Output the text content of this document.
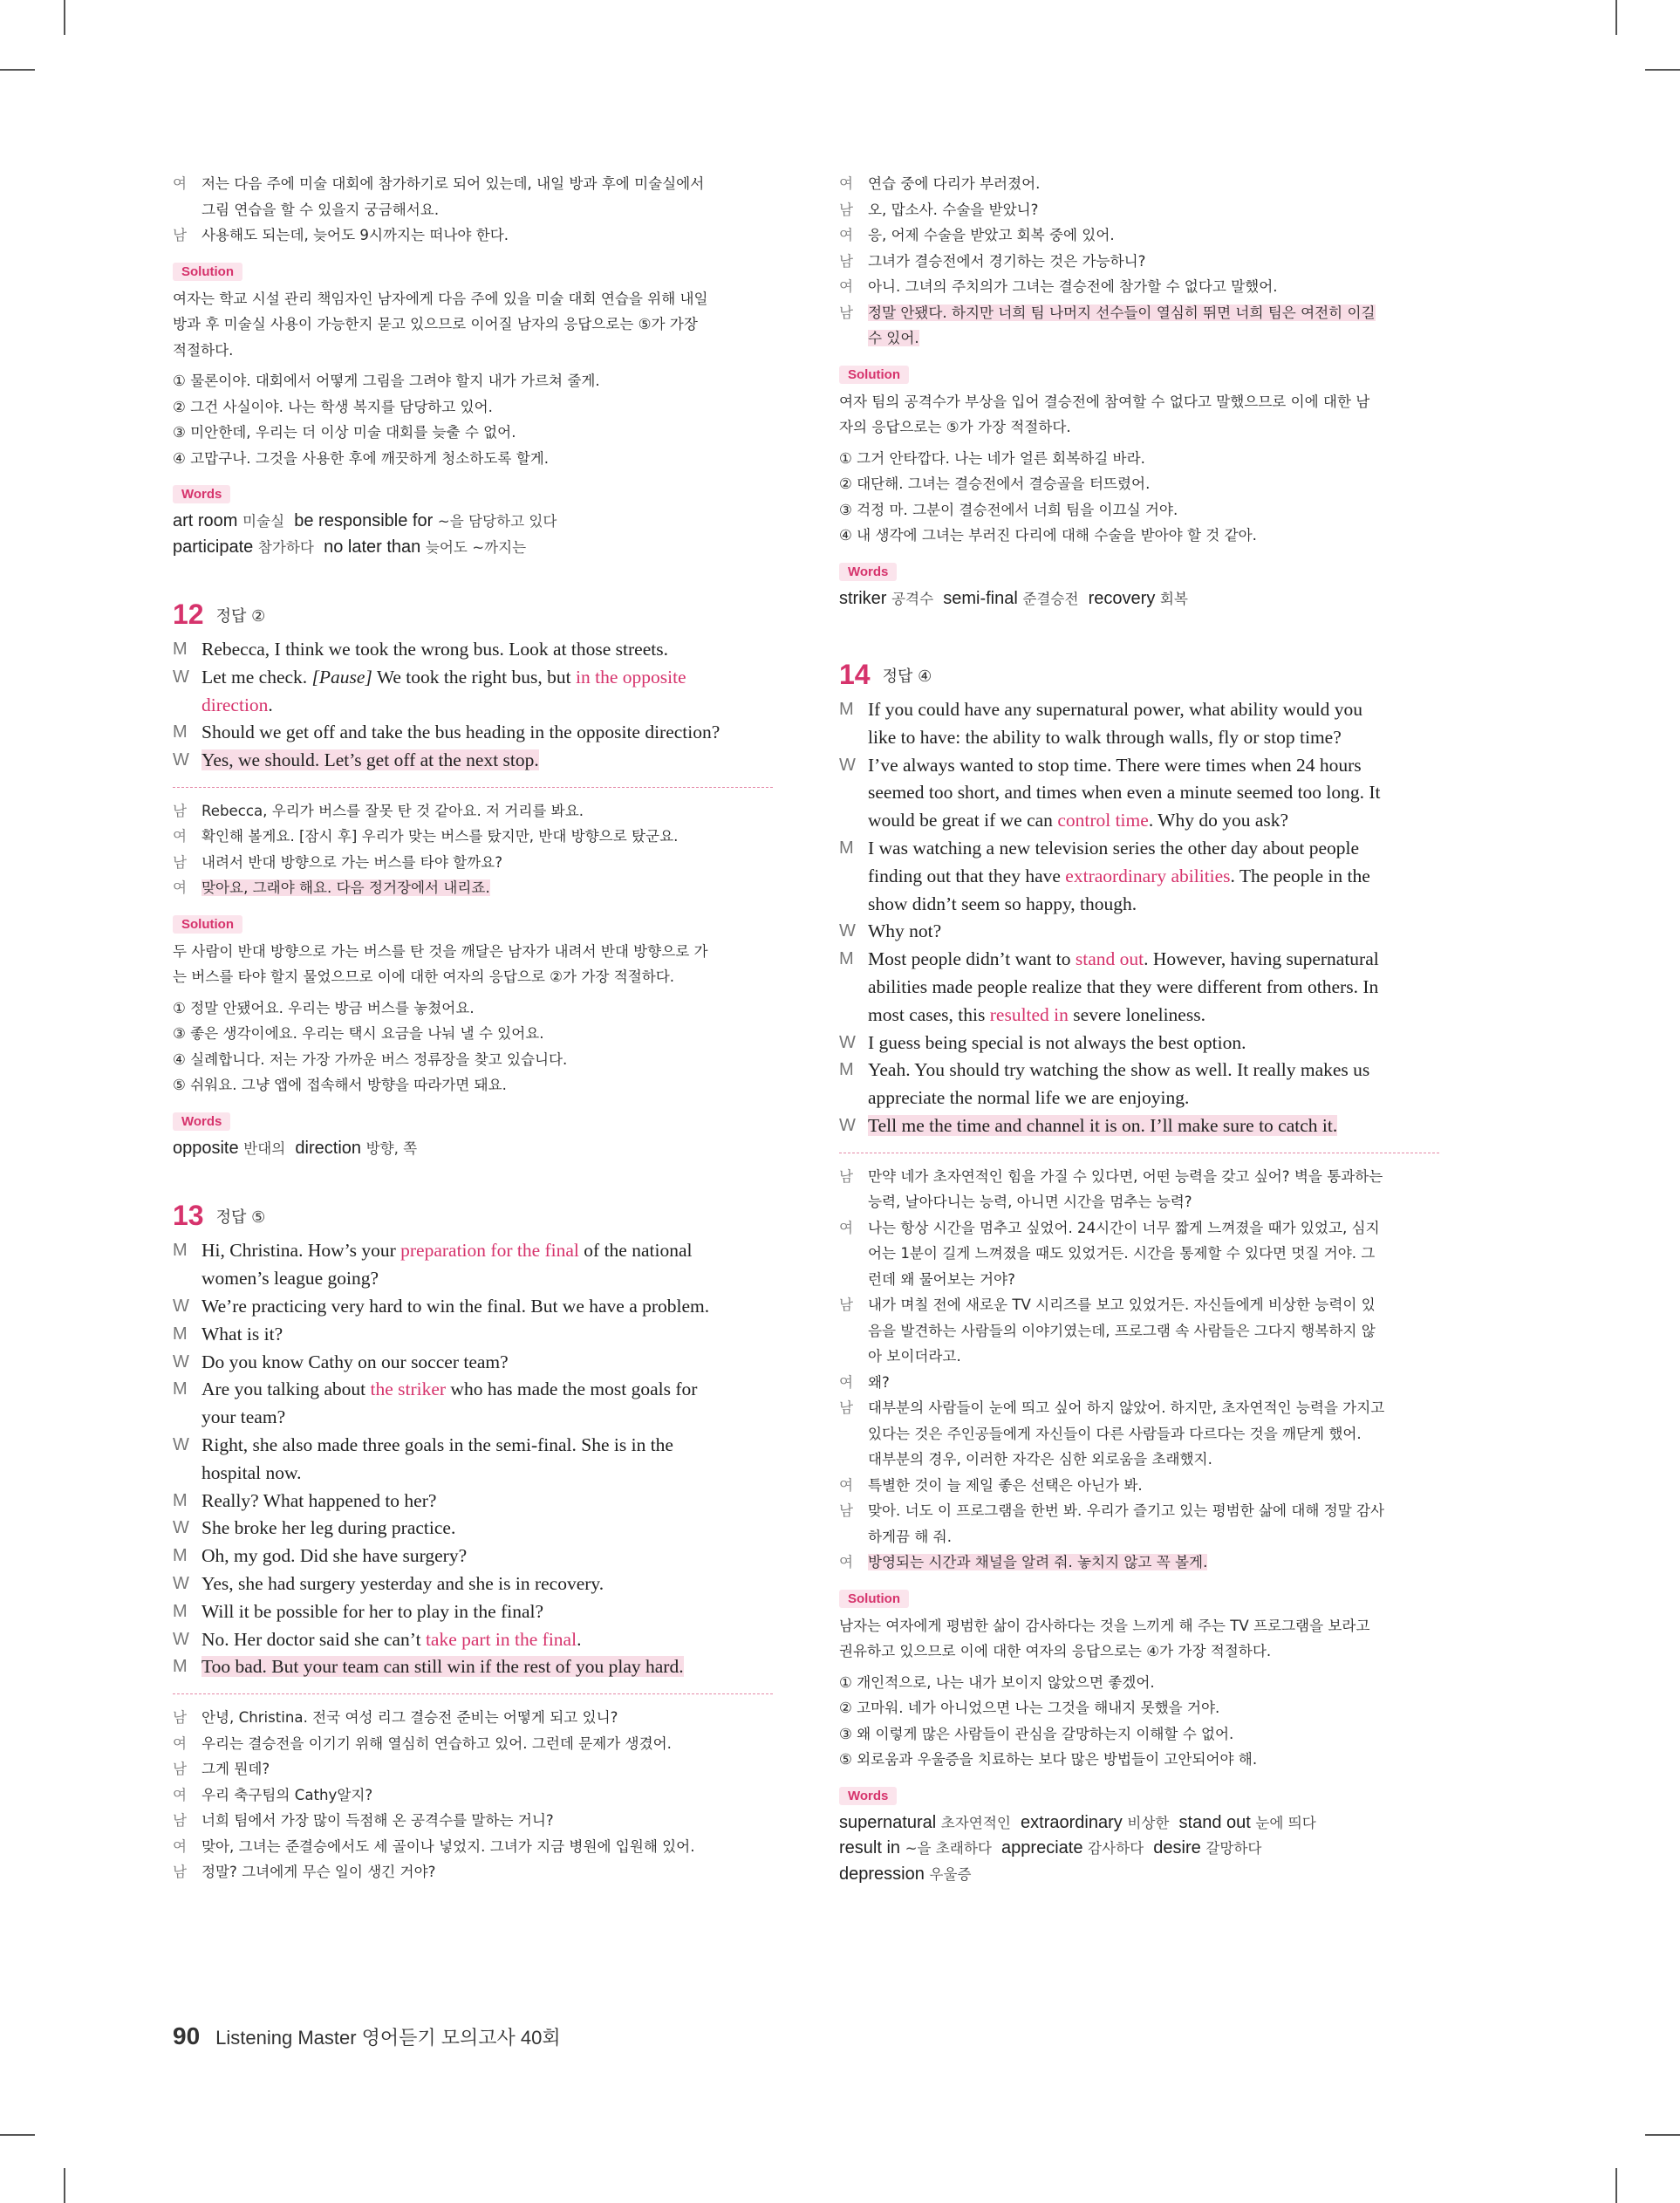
여 저는 다음 주에 미술 대회에 참가하기로 되어 있는데, 내일 방과 후에 미술실에서
그림 연습을 할 수 있을지 궁금해서요.
남 사용해도 되는데, 늦어도 9시까지는 떠나야 한다.
Solution
여자는 학교 시설 관리 책임자인 남자에게 다음 주에 있을 미술 대회 연습을 위해 내일
방과 후 미술실 사용이 가능한지 묻고 있으므로 이어질 남자의 응답으로는 ⑤가 가장
적절하다.
① 물론이야. 대회에서 어떻게 그림을 그려야 할지 내가 가르쳐 줄게.
② 그건 사실이야. 나는 학생 복지를 담당하고 있어.
③ 미안한데, 우리는 더 이상 미술 대회를 늦출 수 없어.
④ 고맙구나. 그것을 사용한 후에 깨끗하게 청소하도록 할게.
Words
art room 미술실 be responsible for ~을 담당하고 있다
participate 참가하다 no later than 늦어도 ~까지는
12 정답 ②
M Rebecca, I think we took the wrong bus. Look at those streets.
W Let me check. [Pause] We took the right bus, but in the opposite
direction.
M Should we get off and take the bus heading in the opposite direction?
W Yes, we should. Let’s get off at the next stop.
남 Rebecca, 우리가 버스를 잘못 탄 것 같아요. 저 거리를 봐요.
여 확인해 볼게요. [잠시 후] 우리가 맞는 버스를 탔지만, 반대 방향으로 탔군요.
남 내려서 반대 방향으로 가는 버스를 타야 할까요?
여 맞아요, 그래야 해요. 다음 정거장에서 내리죠.
Solution
두 사람이 반대 방향으로 가는 버스를 탄 것을 깨달은 남자가 내려서 반대 방향으로 가
는 버스를 타야 할지 물었으므로 이에 대한 여자의 응답으로 ②가 가장 적절하다.
① 정말 안됐어요. 우리는 방금 버스를 놓쳤어요.
③ 좋은 생각이에요. 우리는 택시 요금을 나눠 낼 수 있어요.
④ 실례합니다. 저는 가장 가까운 버스 정류장을 찾고 있습니다.
⑤ 쉬워요. 그냥 앱에 접속해서 방향을 따라가면 돼요.
Words
opposite 반대의 direction 방향, 쪽
13 정답 ⑤
M Hi, Christina. How’s your preparation for the final of the national
women’s league going?
W We’re practicing very hard to win the final. But we have a problem.
M What is it?
W Do you know Cathy on our soccer team?
M Are you talking about the striker who has made the most goals for
your team?
W Right, she also made three goals in the semi-final. She is in the
hospital now.
M Really? What happened to her?
W She broke her leg during practice.
M Oh, my god. Did she have surgery?
W Yes, she had surgery yesterday and she is in recovery.
M Will it be possible for her to play in the final?
W No. Her doctor said she can’t take part in the final.
M Too bad. But your team can still win if the rest of you play hard.
남 안녕, Christina. 전국 여성 리그 결승전 준비는 어떻게 되고 있니?
여 우리는 결승전을 이기기 위해 열심히 연습하고 있어. 그런데 문제가 생겼어.
남 그게 뭔데?
여 우리 축구팀의 Cathy알지?
남 너희 팀에서 가장 많이 득점해 온 공격수를 말하는 거니?
여 맞아, 그녀는 준결승에서도 세 골이나 넣었지. 그녀가 지금 병원에 입원해 있어.
남 정말? 그녀에게 무슨 일이 생긴 거야?
여 연습 중에 다리가 부러졌어.
남 오, 맙소사. 수술을 받았니?
여 응, 어제 수술을 받았고 회복 중에 있어.
남 그녀가 결승전에서 경기하는 것은 가능하니?
여 아니. 그녀의 주치의가 그녀는 결승전에 참가할 수 없다고 말했어.
남 정말 안됐다. 하지만 너희 팀 나머지 선수들이 열심히 뛰면 너희 팀은 여전히 이길
수 있어.
Solution
여자 팀의 공격수가 부상을 입어 결승전에 참여할 수 없다고 말했으므로 이에 대한 남
자의 응답으로는 ⑤가 가장 적절하다.
① 그거 안타깝다. 나는 네가 얼른 회복하길 바라.
② 대단해. 그녀는 결승전에서 결승골을 터뜨렸어.
③ 걱정 마. 그분이 결승전에서 너희 팀을 이끄실 거야.
④ 내 생각에 그녀는 부러진 다리에 대해 수술을 받아야 할 것 같아.
Words
striker 공격수 semi-final 준결승전 recovery 회복
14 정답 ④
M If you could have any supernatural power, what ability would you
like to have: the ability to walk through walls, fly or stop time?
W I’ve always wanted to stop time. There were times when 24 hours
seemed too short, and times when even a minute seemed too long. It
would be great if we can control time. Why do you ask?
M I was watching a new television series the other day about people
finding out that they have extraordinary abilities. The people in the
show didn’t seem so happy, though.
W Why not?
M Most people didn’t want to stand out. However, having supernatural
abilities made people realize that they were different from others. In
most cases, this resulted in severe loneliness.
W I guess being special is not always the best option.
M Yeah. You should try watching the show as well. It really makes us
appreciate the normal life we are enjoying.
W Tell me the time and channel it is on. I’ll make sure to catch it.
남 만약 네가 초자연적인 힘을 가질 수 있다면, 어떤 능력을 갖고 싶어? 벽을 통과하는
능력, 날아다니는 능력, 아니면 시간을 멈추는 능력?
여 나는 항상 시간을 멈추고 싶었어. 24시간이 너무 짧게 느껴졌을 때가 있었고, 심지
어는 1분이 길게 느껴졌을 때도 있었거든. 시간을 통제할 수 있다면 멋질 거야. 그
런데 왜 물어보는 거야?
남 내가 며칠 전에 새로운 TV 시리즈를 보고 있었거든. 자신들에게 비상한 능력이 있
음을 발견하는 사람들의 이야기였는데, 프로그램 속 사람들은 그다지 행복하지 않
아 보이더라고.
여 왜?
남 대부분의 사람들이 눈에 띄고 싶어 하지 않았어. 하지만, 초자연적인 능력을 가지고
있다는 것은 주인공들에게 자신들이 다른 사람들과 다르다는 것을 깨닫게 했어.
대부분의 경우, 이러한 자각은 심한 외로움을 초래했지.
여 특별한 것이 늘 제일 좋은 선택은 아닌가 봐.
남 맞아. 너도 이 프로그램을 한번 봐. 우리가 즐기고 있는 평범한 삶에 대해 정말 감사
하게끔 해 줘.
여 방영되는 시간과 채널을 알려 줘. 놓치지 않고 꼭 볼게.
Solution
남자는 여자에게 평범한 삶이 감사하다는 것을 느끼게 해 주는 TV 프로그램을 보라고
권유하고 있으므로 이에 대한 여자의 응답으로는 ④가 가장 적절하다.
① 개인적으로, 나는 내가 보이지 않았으면 좋겠어.
② 고마워. 네가 아니었으면 나는 그것을 해내지 못했을 거야.
③ 왜 이렇게 많은 사람들이 관심을 갈망하는지 이해할 수 없어.
⑤ 외로움과 우울증을 치료하는 보다 많은 방법들이 고안되어야 해.
Words
supernatural 초자연적인 extraordinary 비상한 stand out 눈에 띄다
result in ~을 초래하다 appreciate 감사하다 desire 갈망하다
depression 우울증
90 Listening Master 영어듣기 모의고사 40회
